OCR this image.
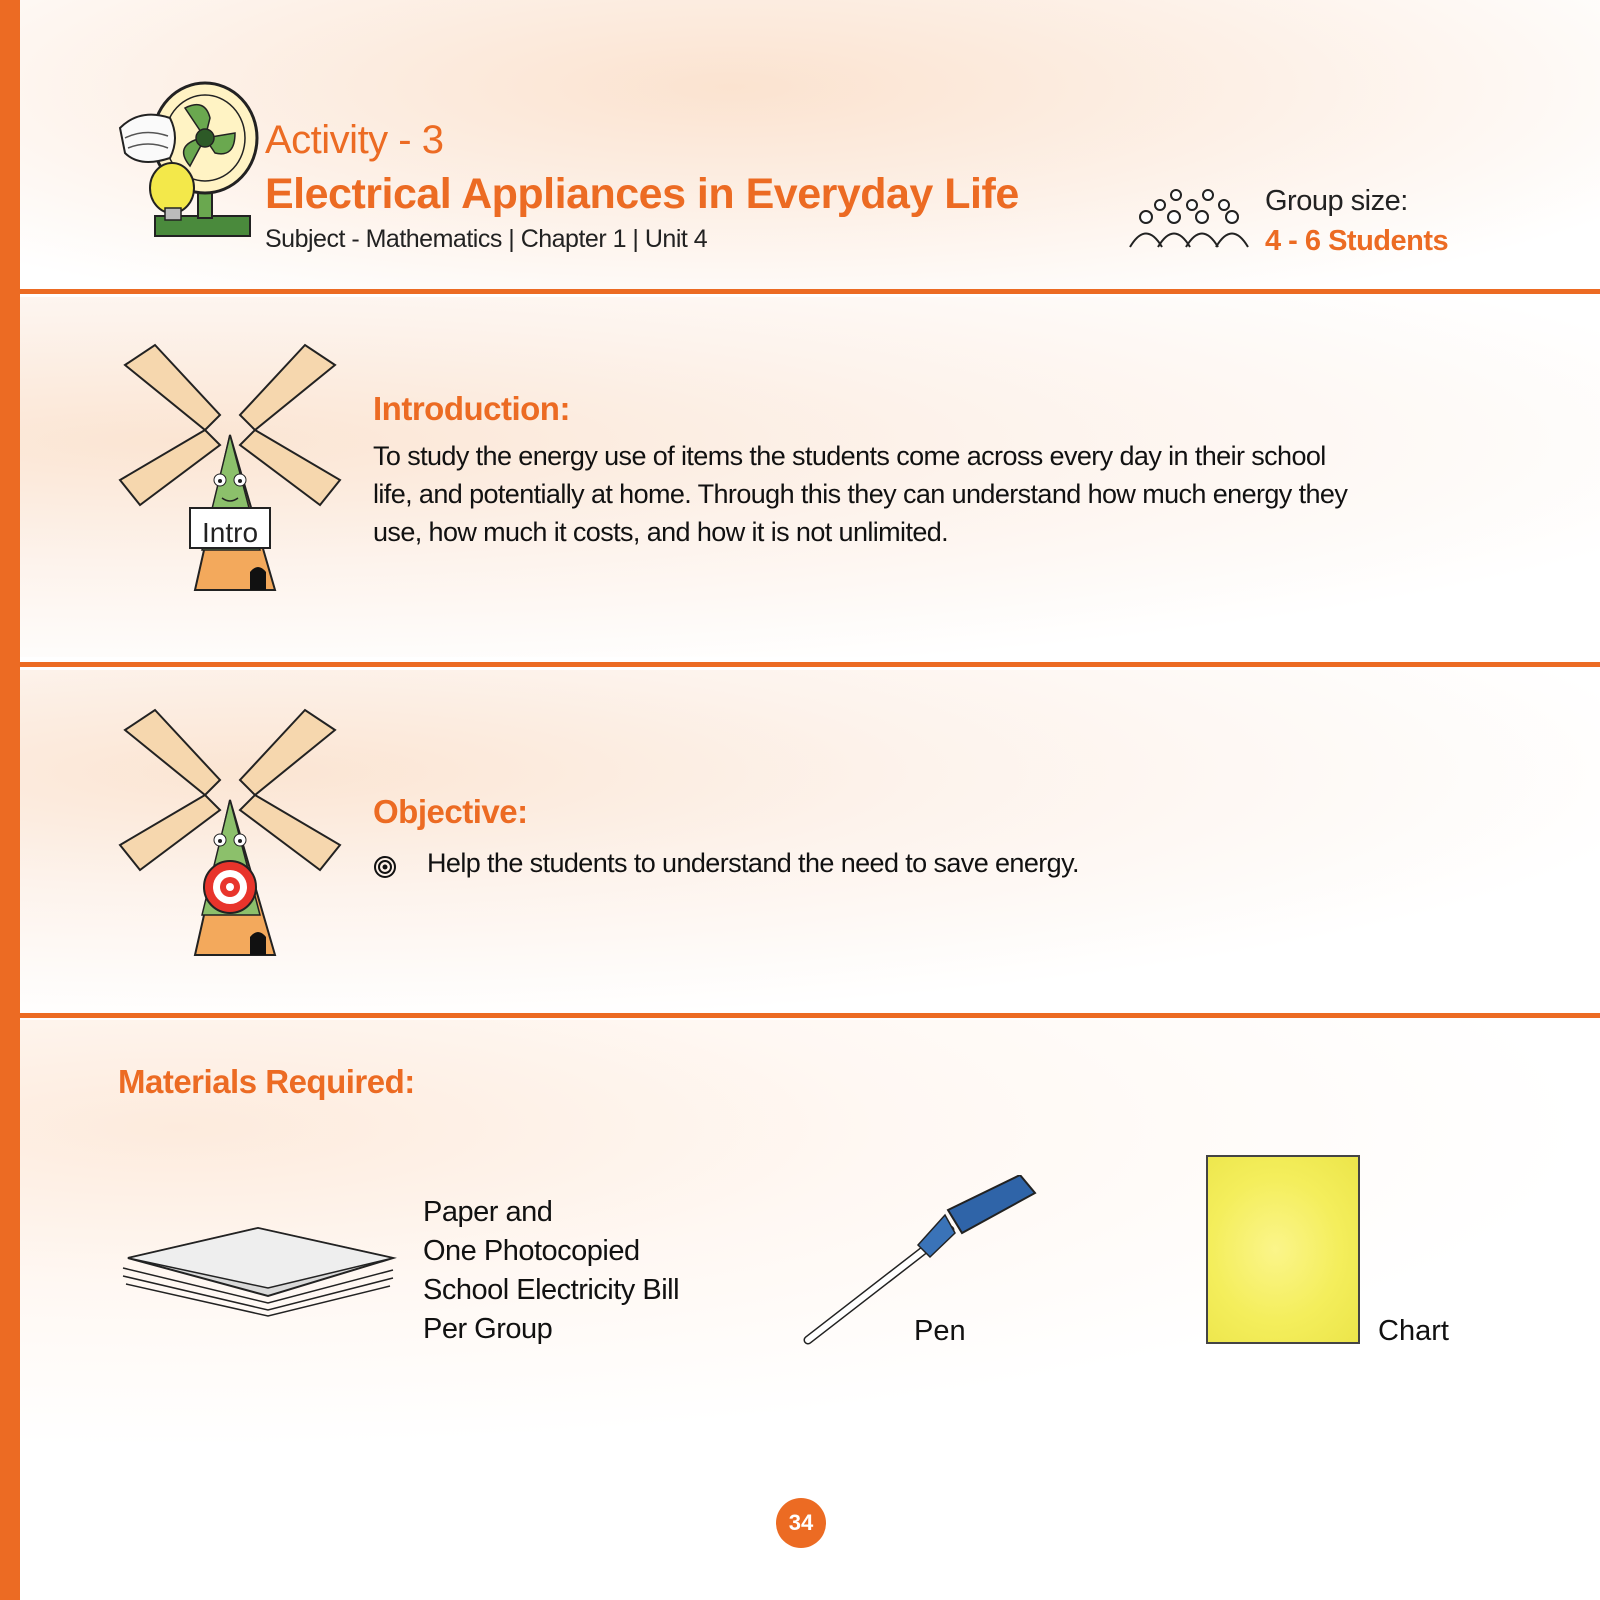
Activity - 3
Electrical Appliances in Everyday Life
Subject - Mathematics | Chapter 1 | Unit 4
Group size:
4 - 6 Students
Intro
Introduction:
To study the energy use of items the students come across every day in their school
life, and potentially at home. Through this they can understand how much energy they
use, how much it costs, and how it is not unlimited.
Objective:
Help the students to understand the need to save energy.
Materials Required:
Paper and
One Photocopied
School Electricity Bill
Per Group	Pen	Chart
34
